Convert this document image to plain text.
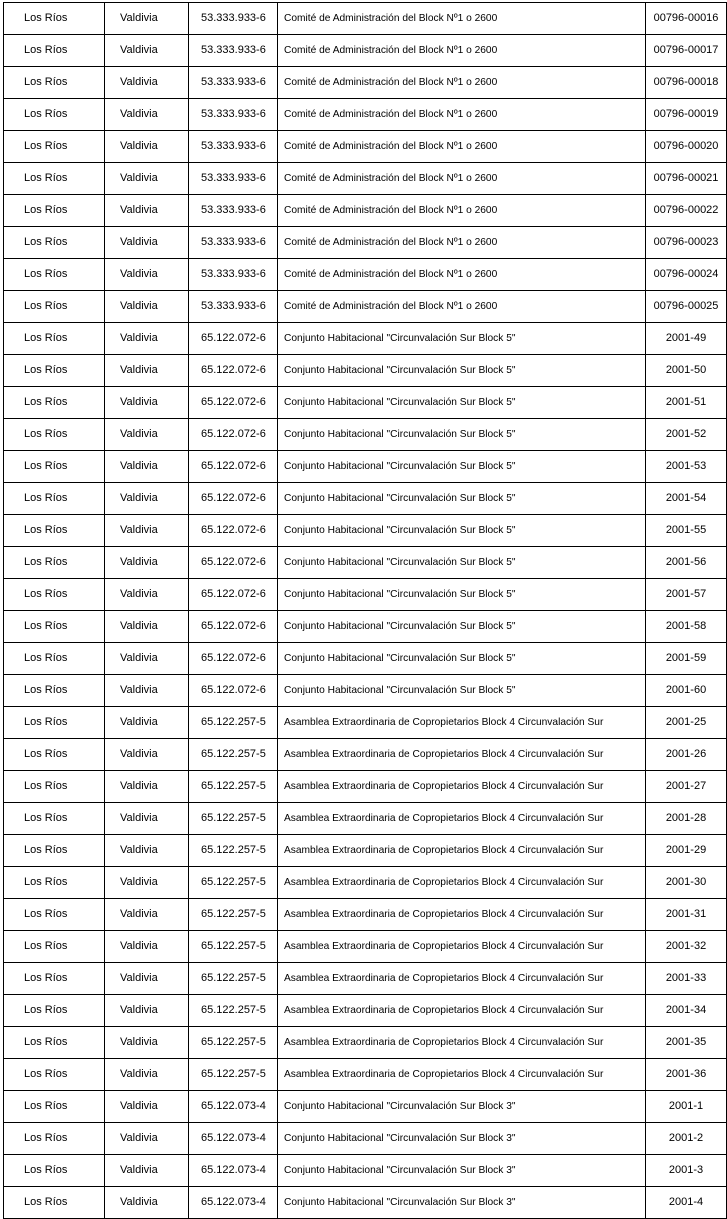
Los Ríos	Valdivia	53.333.933-6	Comité de Administración del Block Nº1 o 2600	00796-00016
Los Ríos	Valdivia	53.333.933-6	Comité de Administración del Block Nº1 o 2600	00796-00017
Los Ríos	Valdivia	53.333.933-6	Comité de Administración del Block Nº1 o 2600	00796-00018
Los Ríos	Valdivia	53.333.933-6	Comité de Administración del Block Nº1 o 2600	00796-00019
Los Ríos	Valdivia	53.333.933-6	Comité de Administración del Block Nº1 o 2600	00796-00020
Los Ríos	Valdivia	53.333.933-6	Comité de Administración del Block Nº1 o 2600	00796-00021
Los Ríos	Valdivia	53.333.933-6	Comité de Administración del Block Nº1 o 2600	00796-00022
Los Ríos	Valdivia	53.333.933-6	Comité de Administración del Block Nº1 o 2600	00796-00023
Los Ríos	Valdivia	53.333.933-6	Comité de Administración del Block Nº1 o 2600	00796-00024
Los Ríos	Valdivia	53.333.933-6	Comité de Administración del Block Nº1 o 2600	00796-00025
Los Ríos	Valdivia	65.122.072-6	Conjunto Habitacional "Circunvalación Sur Block 5"	2001-49
Los Ríos	Valdivia	65.122.072-6	Conjunto Habitacional "Circunvalación Sur Block 5"	2001-50
Los Ríos	Valdivia	65.122.072-6	Conjunto Habitacional "Circunvalación Sur Block 5"	2001-51
Los Ríos	Valdivia	65.122.072-6	Conjunto Habitacional "Circunvalación Sur Block 5"	2001-52
Los Ríos	Valdivia	65.122.072-6	Conjunto Habitacional "Circunvalación Sur Block 5"	2001-53
Los Ríos	Valdivia	65.122.072-6	Conjunto Habitacional "Circunvalación Sur Block 5"	2001-54
Los Ríos	Valdivia	65.122.072-6	Conjunto Habitacional "Circunvalación Sur Block 5"	2001-55
Los Ríos	Valdivia	65.122.072-6	Conjunto Habitacional "Circunvalación Sur Block 5"	2001-56
Los Ríos	Valdivia	65.122.072-6	Conjunto Habitacional "Circunvalación Sur Block 5"	2001-57
Los Ríos	Valdivia	65.122.072-6	Conjunto Habitacional "Circunvalación Sur Block 5"	2001-58
Los Ríos	Valdivia	65.122.072-6	Conjunto Habitacional "Circunvalación Sur Block 5"	2001-59
Los Ríos	Valdivia	65.122.072-6	Conjunto Habitacional "Circunvalación Sur Block 5"	2001-60
Los Ríos	Valdivia	65.122.257-5	Asamblea Extraordinaria de Copropietarios Block 4 Circunvalación Sur	2001-25
Los Ríos	Valdivia	65.122.257-5	Asamblea Extraordinaria de Copropietarios Block 4 Circunvalación Sur	2001-26
Los Ríos	Valdivia	65.122.257-5	Asamblea Extraordinaria de Copropietarios Block 4 Circunvalación Sur	2001-27
Los Ríos	Valdivia	65.122.257-5	Asamblea Extraordinaria de Copropietarios Block 4 Circunvalación Sur	2001-28
Los Ríos	Valdivia	65.122.257-5	Asamblea Extraordinaria de Copropietarios Block 4 Circunvalación Sur	2001-29
Los Ríos	Valdivia	65.122.257-5	Asamblea Extraordinaria de Copropietarios Block 4 Circunvalación Sur	2001-30
Los Ríos	Valdivia	65.122.257-5	Asamblea Extraordinaria de Copropietarios Block 4 Circunvalación Sur	2001-31
Los Ríos	Valdivia	65.122.257-5	Asamblea Extraordinaria de Copropietarios Block 4 Circunvalación Sur	2001-32
Los Ríos	Valdivia	65.122.257-5	Asamblea Extraordinaria de Copropietarios Block 4 Circunvalación Sur	2001-33
Los Ríos	Valdivia	65.122.257-5	Asamblea Extraordinaria de Copropietarios Block 4 Circunvalación Sur	2001-34
Los Ríos	Valdivia	65.122.257-5	Asamblea Extraordinaria de Copropietarios Block 4 Circunvalación Sur	2001-35
Los Ríos	Valdivia	65.122.257-5	Asamblea Extraordinaria de Copropietarios Block 4 Circunvalación Sur	2001-36
Los Ríos	Valdivia	65.122.073-4	Conjunto Habitacional "Circunvalación Sur Block 3"	2001-1
Los Ríos	Valdivia	65.122.073-4	Conjunto Habitacional "Circunvalación Sur Block 3"	2001-2
Los Ríos	Valdivia	65.122.073-4	Conjunto Habitacional "Circunvalación Sur Block 3"	2001-3
Los Ríos	Valdivia	65.122.073-4	Conjunto Habitacional "Circunvalación Sur Block 3"	2001-4
